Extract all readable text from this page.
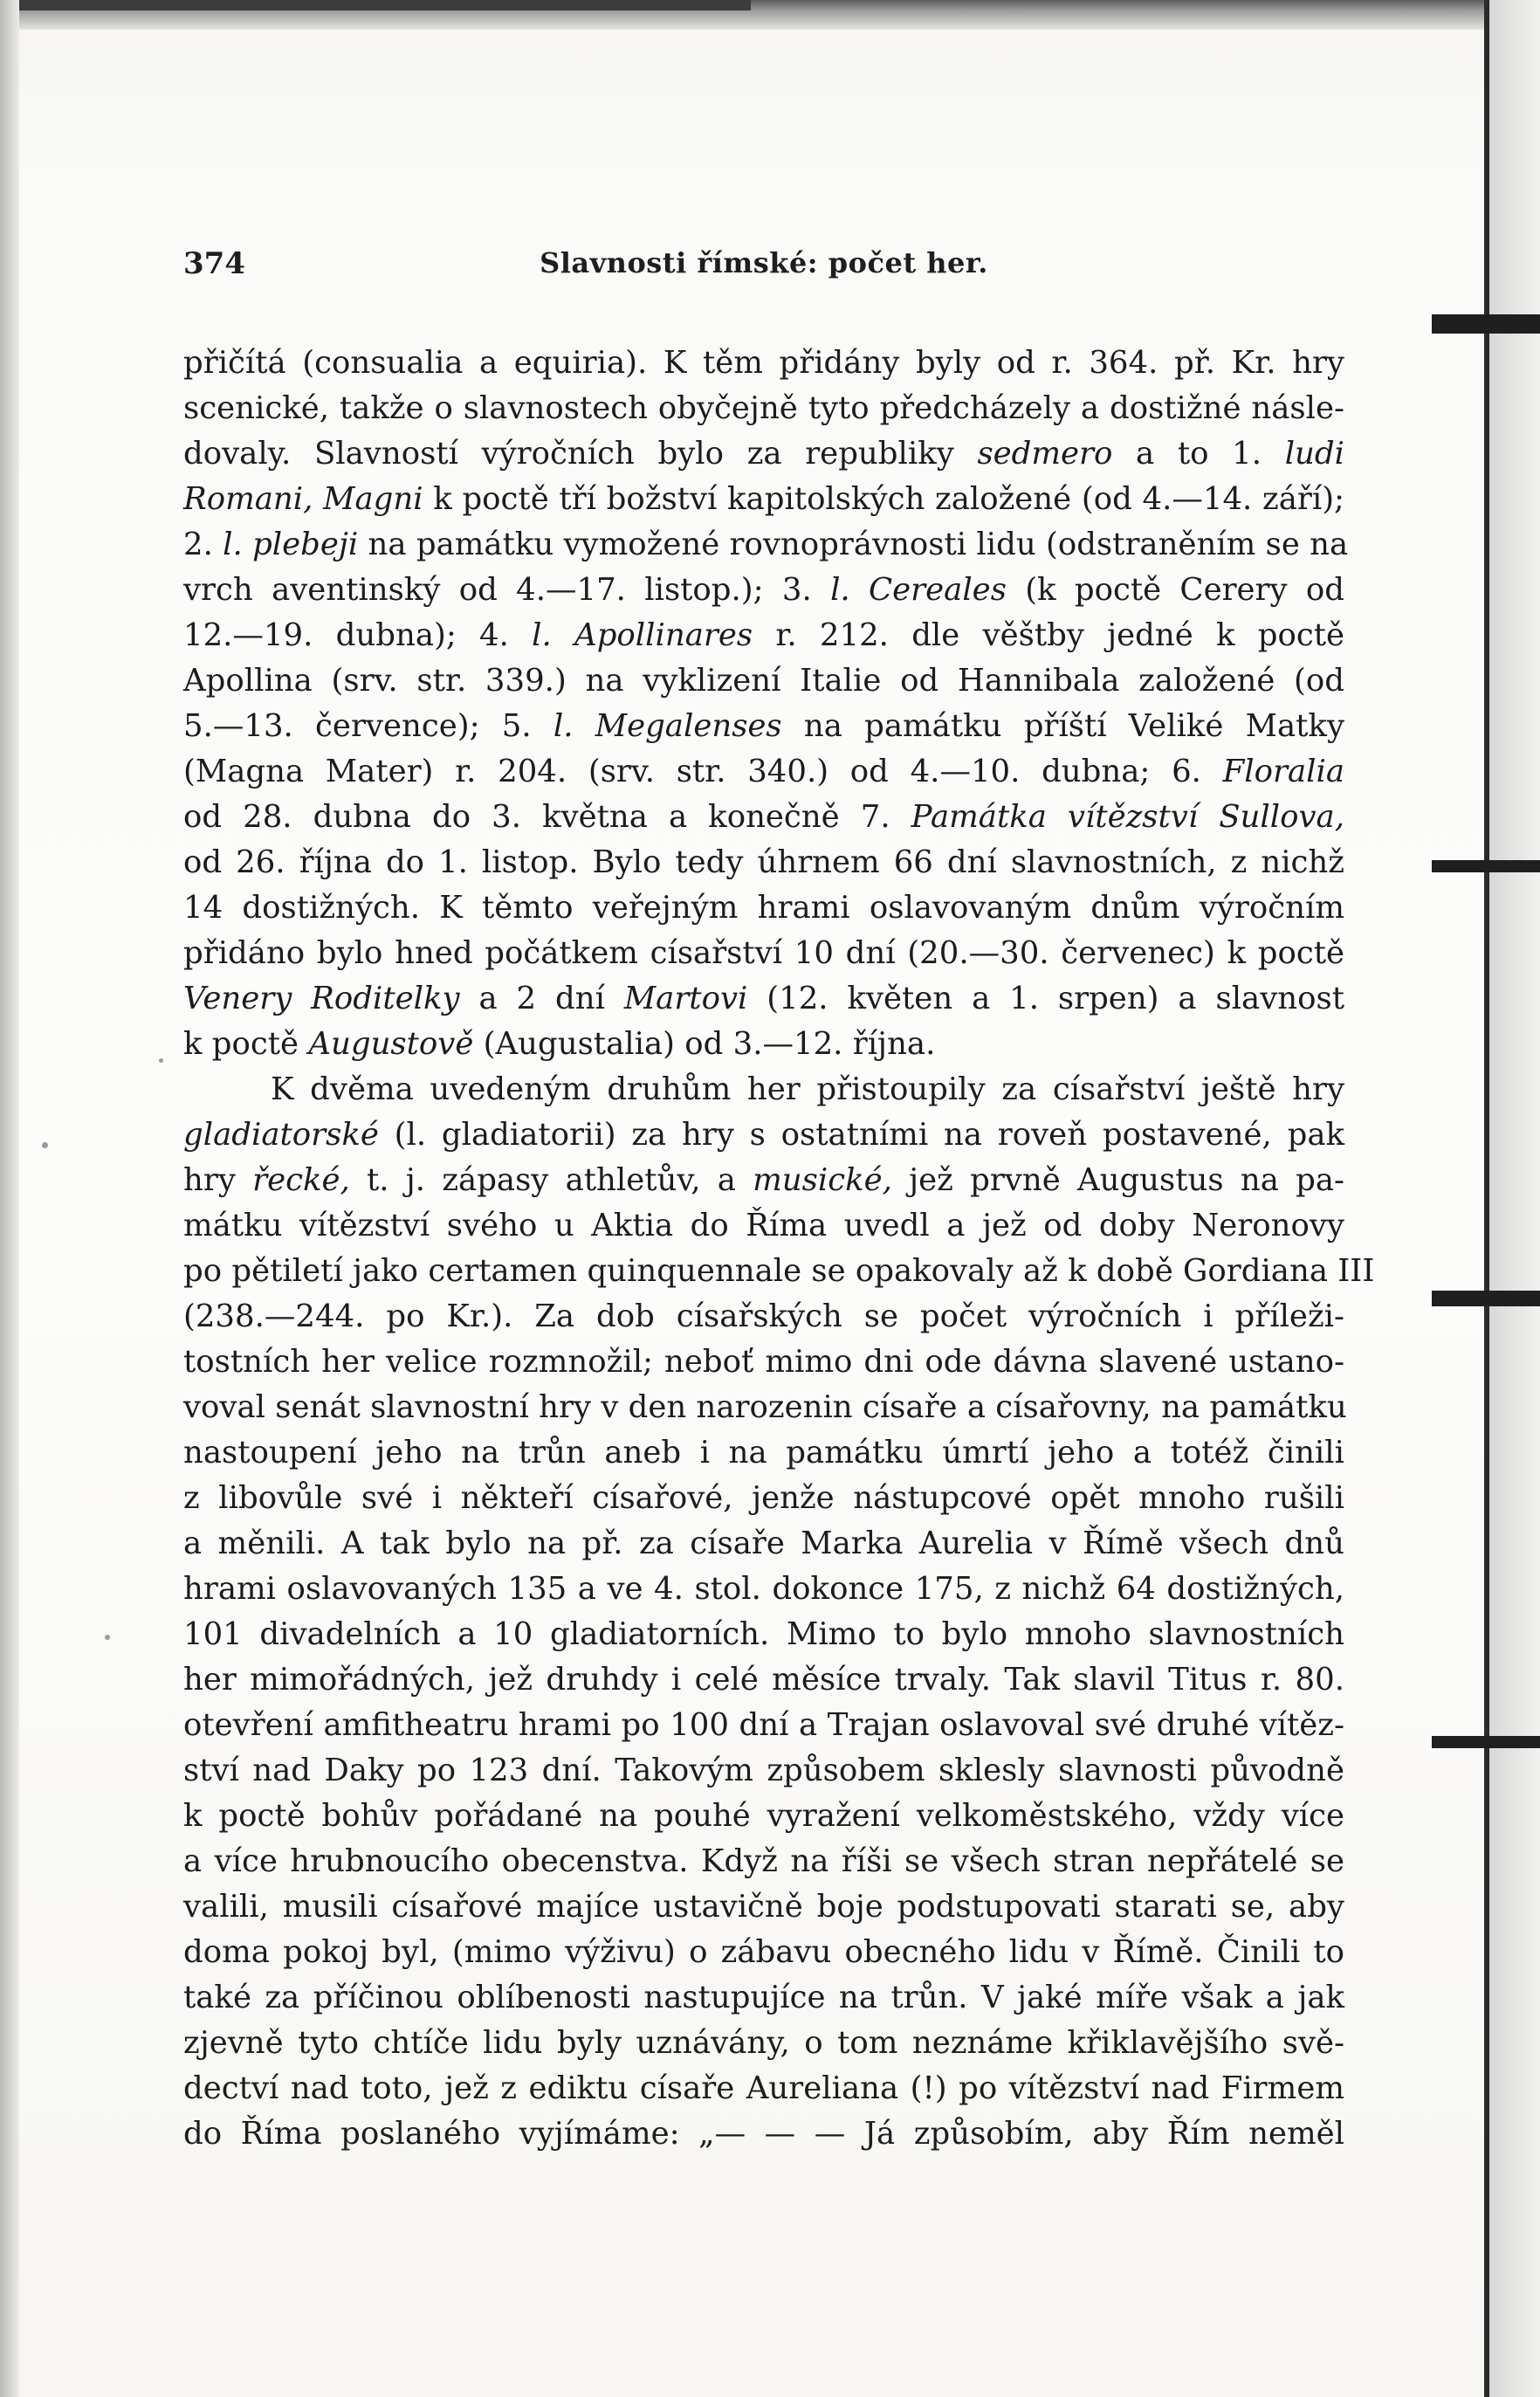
374	Slavnosti římské: počet her.
přičítá (consualia a equiria). K těm přidány byly od r. 364. př. Kr. hry
scenické, takže o slavnostech obyčejně tyto předcházely a dostižné násle-
dovaly. Slavností výročních bylo za republiky sedmero a to 1. ludi
Romani, Magni k poctě tří božství kapitolských založené (od 4.—14. září);
2. l. plebeji na památku vymožené rovnoprávnosti lidu (odstraněním se na
vrch aventinský od 4.—17. listop.); 3. l. Cereales (k poctě Cerery od
12.—19. dubna); 4. l. Apollinares r. 212. dle věštby jedné k poctě
Apollina (srv. str. 339.) na vyklizení Italie od Hannibala založené (od
5.—13. července); 5. l. Megalenses na památku příští Veliké Matky
(Magna Mater) r. 204. (srv. str. 340.) od 4.—10. dubna; 6. Floralia
od 28. dubna do 3. května a konečně 7. Památka vítězství Sullova,
od 26. října do 1. listop. Bylo tedy úhrnem 66 dní slavnostních, z nichž
14 dostižných. K těmto veřejným hrami oslavovaným dnům výročním
přidáno bylo hned počátkem císařství 10 dní (20.—30. červenec) k poctě
Venery Roditelky a 2 dní Martovi (12. květen a 1. srpen) a slavnost
k poctě Augustově (Augustalia) od 3.—12. října.
K dvěma uvedeným druhům her přistoupily za císařství ještě hry
gladiatorské (l. gladiatorii) za hry s ostatními na roveň postavené, pak
hry řecké, t. j. zápasy athletův, a musické, jež prvně Augustus na pa-
mátku vítězství svého u Aktia do Říma uvedl a jež od doby Neronovy
po pětiletí jako certamen quinquennale se opakovaly až k době Gordiana III
(238.—244. po Kr.). Za dob císařských se počet výročních i příleži-
tostních her velice rozmnožil; neboť mimo dni ode dávna slavené ustano-
voval senát slavnostní hry v den narozenin císaře a císařovny, na památku
nastoupení jeho na trůn aneb i na památku úmrtí jeho a totéž činili
z libovůle své i někteří císařové, jenže nástupcové opět mnoho rušili
a měnili. A tak bylo na př. za císaře Marka Aurelia v Římě všech dnů
hrami oslavovaných 135 a ve 4. stol. dokonce 175, z nichž 64 dostižných,
101 divadelních a 10 gladiatorních. Mimo to bylo mnoho slavnostních
her mimořádných, jež druhdy i celé měsíce trvaly. Tak slavil Titus r. 80.
otevření amfitheatru hrami po 100 dní a Trajan oslavoval své druhé vítěz-
ství nad Daky po 123 dní. Takovým způsobem sklesly slavnosti původně
k poctě bohův pořádané na pouhé vyražení velkoměstského, vždy více
a více hrubnoucího obecenstva. Když na říši se všech stran nepřátelé se
valili, musili císařové majíce ustavičně boje podstupovati starati se, aby
doma pokoj byl, (mimo výživu) o zábavu obecného lidu v Římě. Činili to
také za příčinou oblíbenosti nastupujíce na trůn. V jaké míře však a jak
zjevně tyto chtíče lidu byly uznávány, o tom neznáme křiklavějšího svě-
dectví nad toto, jež z ediktu císaře Aureliana (!) po vítězství nad Firmem
do Říma poslaného vyjímáme: „— — — Já způsobím, aby Řím neměl
